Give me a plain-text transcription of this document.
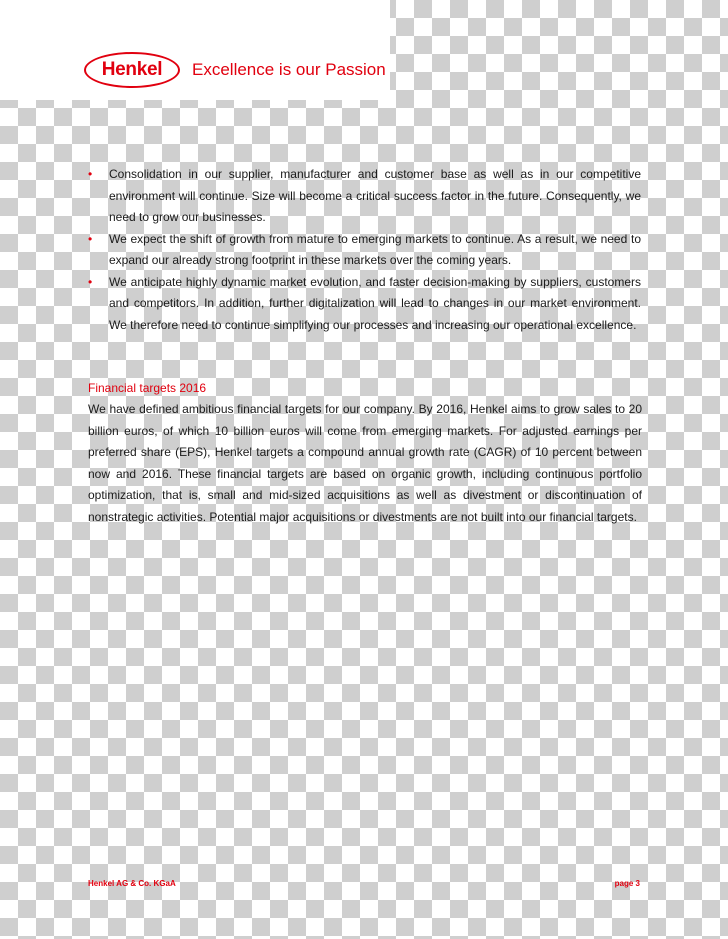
Henkel Excellence is our Passion
• Consolidation in our supplier, manufacturer and customer base as well as in our competitive environment will continue. Size will become a critical success factor in the future. Consequently, we need to grow our businesses.
• We expect the shift of growth from mature to emerging markets to continue. As a result, we need to expand our already strong footprint in these markets over the coming years.
• We anticipate highly dynamic market evolution, and faster decision-making by suppliers, customers and competitors. In addition, further digitalization will lead to changes in our market environment. We therefore need to continue simplifying our processes and increasing our operational excellence.
Financial targets 2016
We have defined ambitious financial targets for our company. By 2016, Henkel aims to grow sales to 20 billion euros, of which 10 billion euros will come from emerging markets. For adjusted earnings per preferred share (EPS), Henkel targets a compound annual growth rate (CAGR) of 10 percent between now and 2016. These financial targets are based on organic growth, including continuous portfolio optimization, that is, small and mid-sized acquisitions as well as divestment or discontinuation of nonstrategic activities. Potential major acquisitions or divestments are not built into our financial targets.
Henkel AG & Co. KGaA	page 3
